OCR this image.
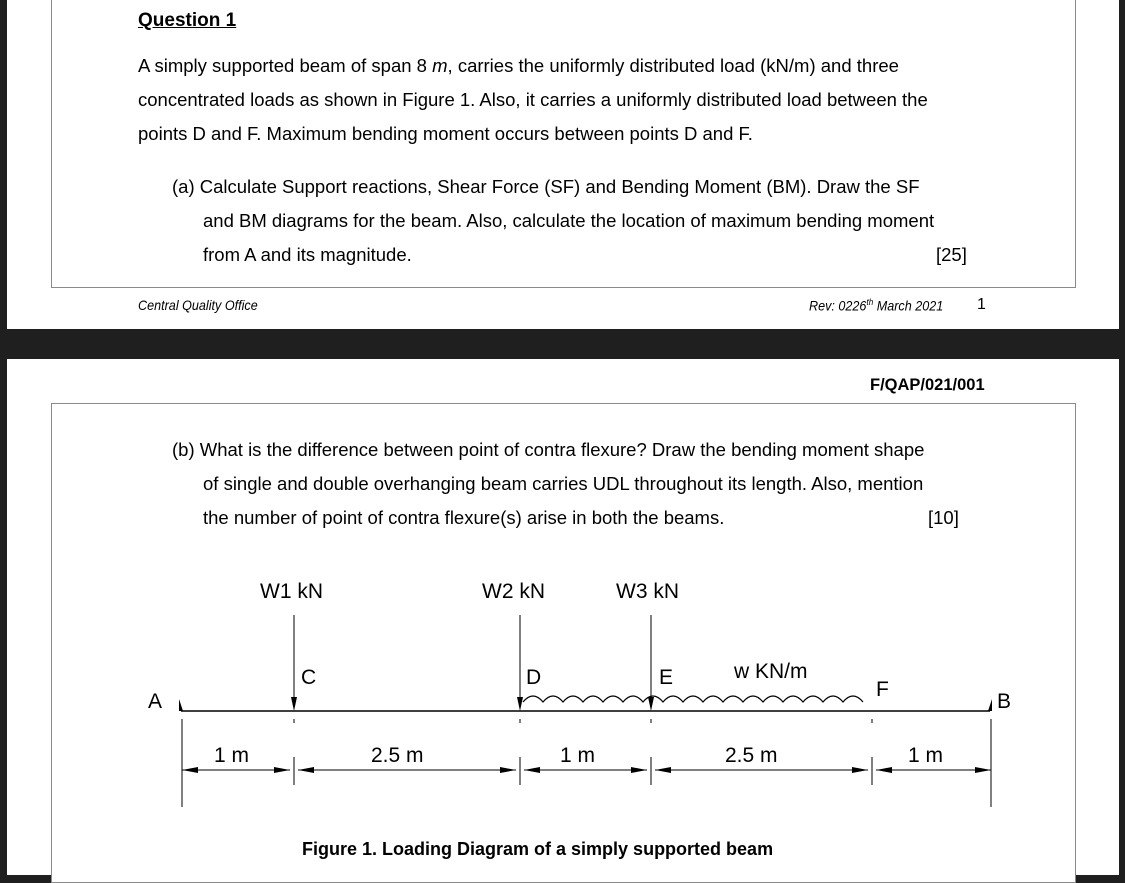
Question 1
A simply supported beam of span 8 m, carries the uniformly distributed load (kN/m) and three
concentrated loads as shown in Figure 1. Also, it carries a uniformly distributed load between the
points D and F. Maximum bending moment occurs between points D and F.
(a) Calculate Support reactions, Shear Force (SF) and Bending Moment (BM). Draw the SF
and BM diagrams for the beam. Also, calculate the location of maximum bending moment
from A and its magnitude.	[25]
Central Quality Office	Rev: 0226th March 2021 1
F/QAP/021/001
(b) What is the difference between point of contra flexure? Draw the bending moment shape
of single and double overhanging beam carries UDL throughout its length. Also, mention
the number of point of contra flexure(s) arise in both the beams.	[10]
W1 kN	W2 kN	W3 kN
w KN/m
A	B
C	D	E
F
1 m	2.5 m	1 m	2.5 m	1 m
Figure 1. Loading Diagram of a simply supported beam
